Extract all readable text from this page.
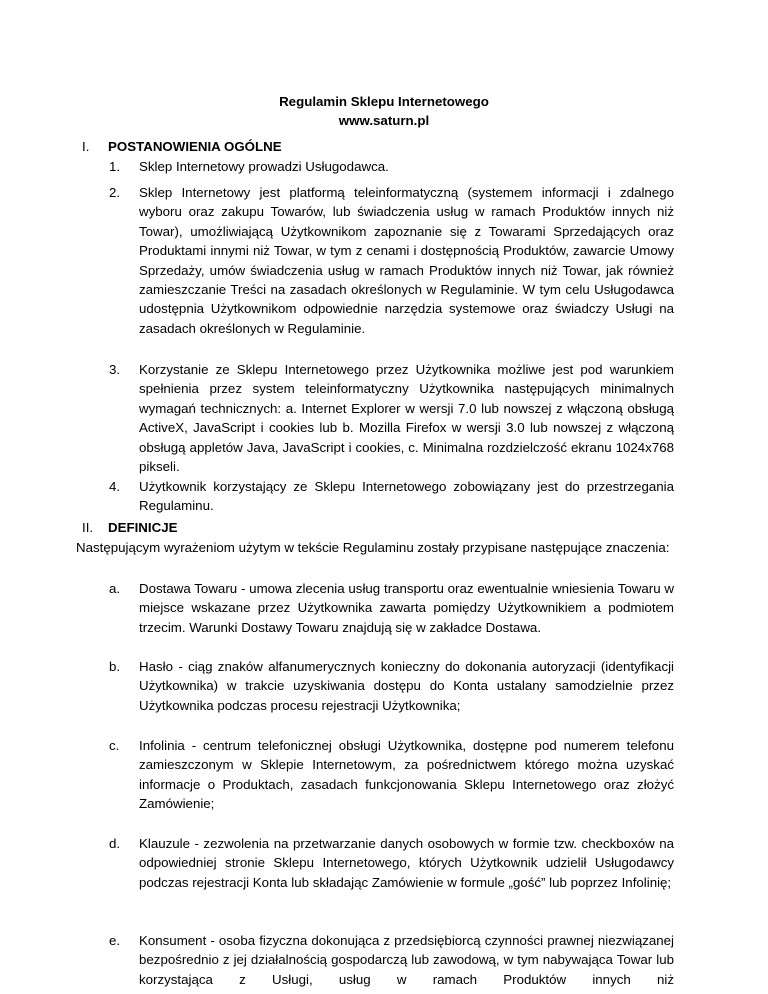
Regulamin Sklepu Internetowego
www.saturn.pl
I.	POSTANOWIENIA OGÓLNE
1. Sklep Internetowy prowadzi Usługodawca.
2. Sklep Internetowy jest platformą teleinformatyczną (systemem informacji i zdalnego wyboru oraz zakupu Towarów, lub świadczenia usług w ramach Produktów innych niż Towar), umożliwiającą Użytkownikom zapoznanie się z Towarami Sprzedających oraz Produktami innymi niż Towar, w tym z cenami i dostępnością Produktów, zawarcie Umowy Sprzedaży, umów świadczenia usług w ramach Produktów innych niż Towar, jak również zamieszczanie Treści na zasadach określonych w Regulaminie. W tym celu Usługodawca udostępnia Użytkownikom odpowiednie narzędzia systemowe oraz świadczy Usługi na zasadach określonych w Regulaminie.
3. Korzystanie ze Sklepu Internetowego przez Użytkownika możliwe jest pod warunkiem spełnienia przez system teleinformatyczny Użytkownika następujących minimalnych wymagań technicznych: a. Internet Explorer w wersji 7.0 lub nowszej z włączoną obsługą ActiveX, JavaScript i cookies lub b. Mozilla Firefox w wersji 3.0 lub nowszej z włączoną obsługą appletów Java, JavaScript i cookies, c. Minimalna rozdzielczość ekranu 1024x768 pikseli.
4. Użytkownik korzystający ze Sklepu Internetowego zobowiązany jest do przestrzegania Regulaminu.
II.	DEFINICJE
Następującym wyrażeniom użytym w tekście Regulaminu zostały przypisane następujące znaczenia:
a. Dostawa Towaru - umowa zlecenia usług transportu oraz ewentualnie wniesienia Towaru w miejsce wskazane przez Użytkownika zawarta pomiędzy Użytkownikiem a podmiotem trzecim. Warunki Dostawy Towaru znajdują się w zakładce Dostawa.
b. Hasło - ciąg znaków alfanumerycznych konieczny do dokonania autoryzacji (identyfikacji Użytkownika) w trakcie uzyskiwania dostępu do Konta ustalany samodzielnie przez Użytkownika podczas procesu rejestracji Użytkownika;
c. Infolinia - centrum telefonicznej obsługi Użytkownika, dostępne pod numerem telefonu zamieszczonym w Sklepie Internetowym, za pośrednictwem którego można uzyskać informacje o Produktach, zasadach funkcjonowania Sklepu Internetowego oraz złożyć Zamówienie;
d. Klauzule - zezwolenia na przetwarzanie danych osobowych w formie tzw. checkboxów na odpowiedniej stronie Sklepu Internetowego, których Użytkownik udzielił Usługodawcy podczas rejestracji Konta lub składając Zamówienie w formule „gość” lub poprzez Infolinię;
e. Konsument - osoba fizyczna dokonująca z przedsiębiorcą czynności prawnej niezwiązanej bezpośrednio z jej działalnością gospodarczą lub zawodową, w tym nabywająca Towar lub korzystająca z Usługi, usług w ramach Produktów innych niż
